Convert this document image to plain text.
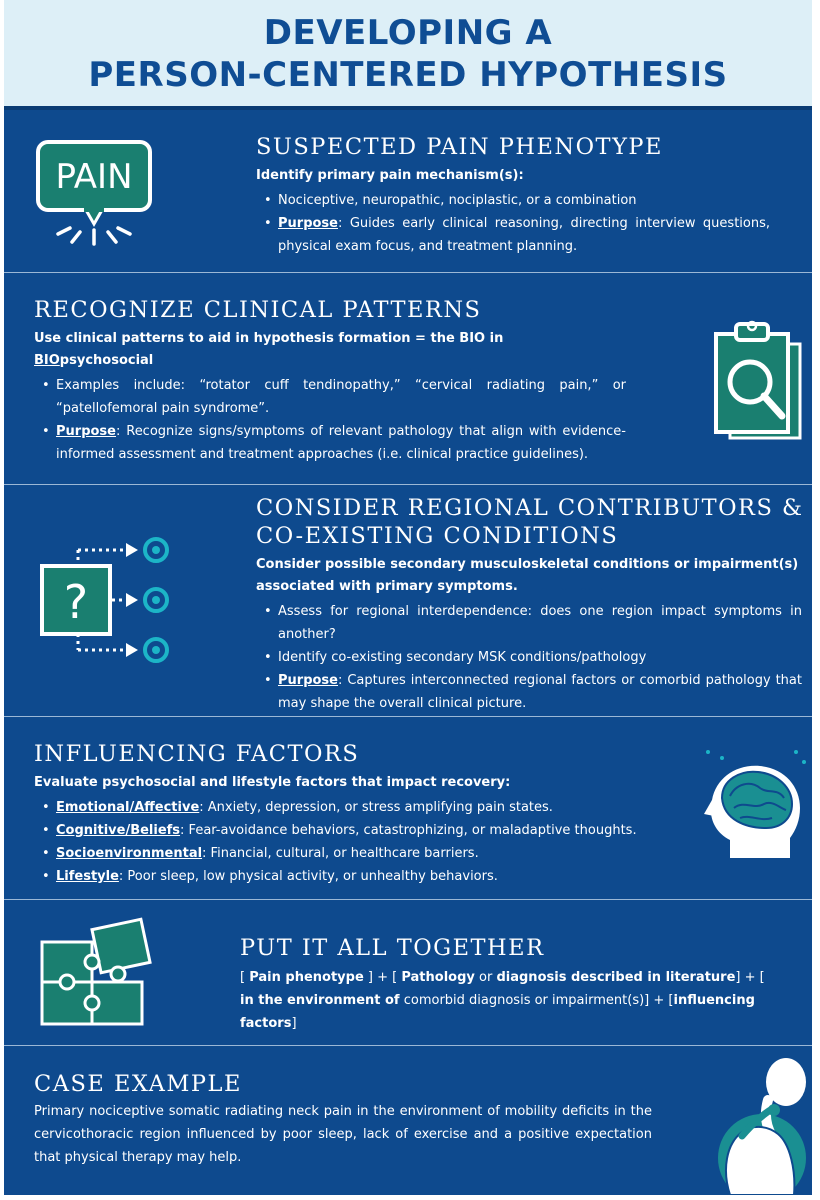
DEVELOPING A
PERSON-CENTERED HYPOTHESIS
PAIN
SUSPECTED PAIN PHENOTYPE
Identify primary pain mechanism(s):
• Nociceptive, neuropathic, nociplastic, or a combination
• Purpose: Guides early clinical reasoning, directing interview questions, physical exam focus, and treatment planning.
RECOGNIZE CLINICAL PATTERNS
Use clinical patterns to aid in hypothesis formation = the BIO in BIOpsychosocial
• Examples include: “rotator cuff tendinopathy,” “cervical radiating pain,” or “patellofemoral pain syndrome”.
• Purpose: Recognize signs/symptoms of relevant pathology that align with evidence-informed assessment and treatment approaches (i.e. clinical practice guidelines).
?
CONSIDER REGIONAL CONTRIBUTORS &
CO-EXISTING CONDITIONS
Consider possible secondary musculoskeletal conditions or impairment(s) associated with primary symptoms.
• Assess for regional interdependence: does one region impact symptoms in another?
• Identify co-existing secondary MSK conditions/pathology
• Purpose: Captures interconnected regional factors or comorbid pathology that may shape the overall clinical picture.
INFLUENCING FACTORS
Evaluate psychosocial and lifestyle factors that impact recovery:
• Emotional/Affective: Anxiety, depression, or stress amplifying pain states.
• Cognitive/Beliefs: Fear-avoidance behaviors, catastrophizing, or maladaptive thoughts.
• Socioenvironmental: Financial, cultural, or healthcare barriers.
• Lifestyle: Poor sleep, low physical activity, or unhealthy behaviors.
PUT IT ALL TOGETHER
[ Pain phenotype ] + [ Pathology or diagnosis described in literature] + [ in the environment of comorbid diagnosis or impairment(s)] + [influencing factors]
CASE EXAMPLE
Primary nociceptive somatic radiating neck pain in the environment of mobility deficits in the cervicothoracic region influenced by poor sleep, lack of exercise and a positive expectation that physical therapy may help.
